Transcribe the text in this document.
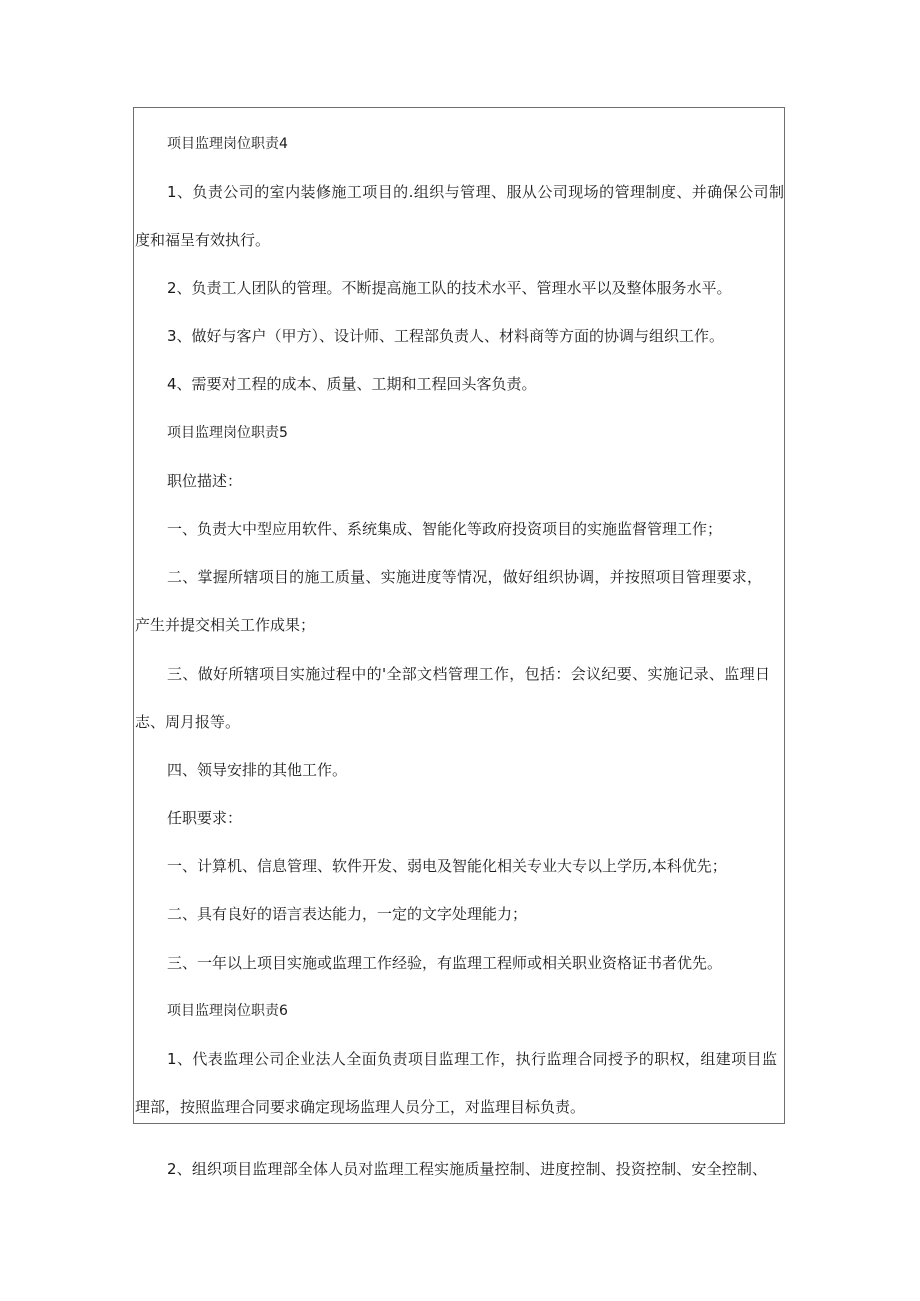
项目监理岗位职责4
1、负责公司的室内装修施工项目的.组织与管理、服从公司现场的管理制度、并确保公司制
度和福呈有效执行。
2、负责工人团队的管理。不断提高施工队的技术水平、管理水平以及整体服务水平。
3、做好与客户（甲方）、设计师、工程部负责人、材料商等方面的协调与组织工作。
4、需要对工程的成本、质量、工期和工程回头客负责。
项目监理岗位职责5
职位描述：
一、负责大中型应用软件、系统集成、智能化等政府投资项目的实施监督管理工作；
二、掌握所辖项目的施工质量、实施进度等情况，做好组织协调，并按照项目管理要求，
产生并提交相关工作成果；
三、做好所辖项目实施过程中的'全部文档管理工作，包括：会议纪要、实施记录、监理日
志、周月报等。
四、领导安排的其他工作。
任职要求：
一、计算机、信息管理、软件开发、弱电及智能化相关专业大专以上学历,本科优先；
二、具有良好的语言表达能力，一定的文字处理能力；
三、一年以上项目实施或监理工作经验，有监理工程师或相关职业资格证书者优先。
项目监理岗位职责6
1、代表监理公司企业法人全面负责项目监理工作，执行监理合同授予的职权，组建项目监
理部，按照监理合同要求确定现场监理人员分工，对监理目标负责。
2、组织项目监理部全体人员对监理工程实施质量控制、进度控制、投资控制、安全控制、
